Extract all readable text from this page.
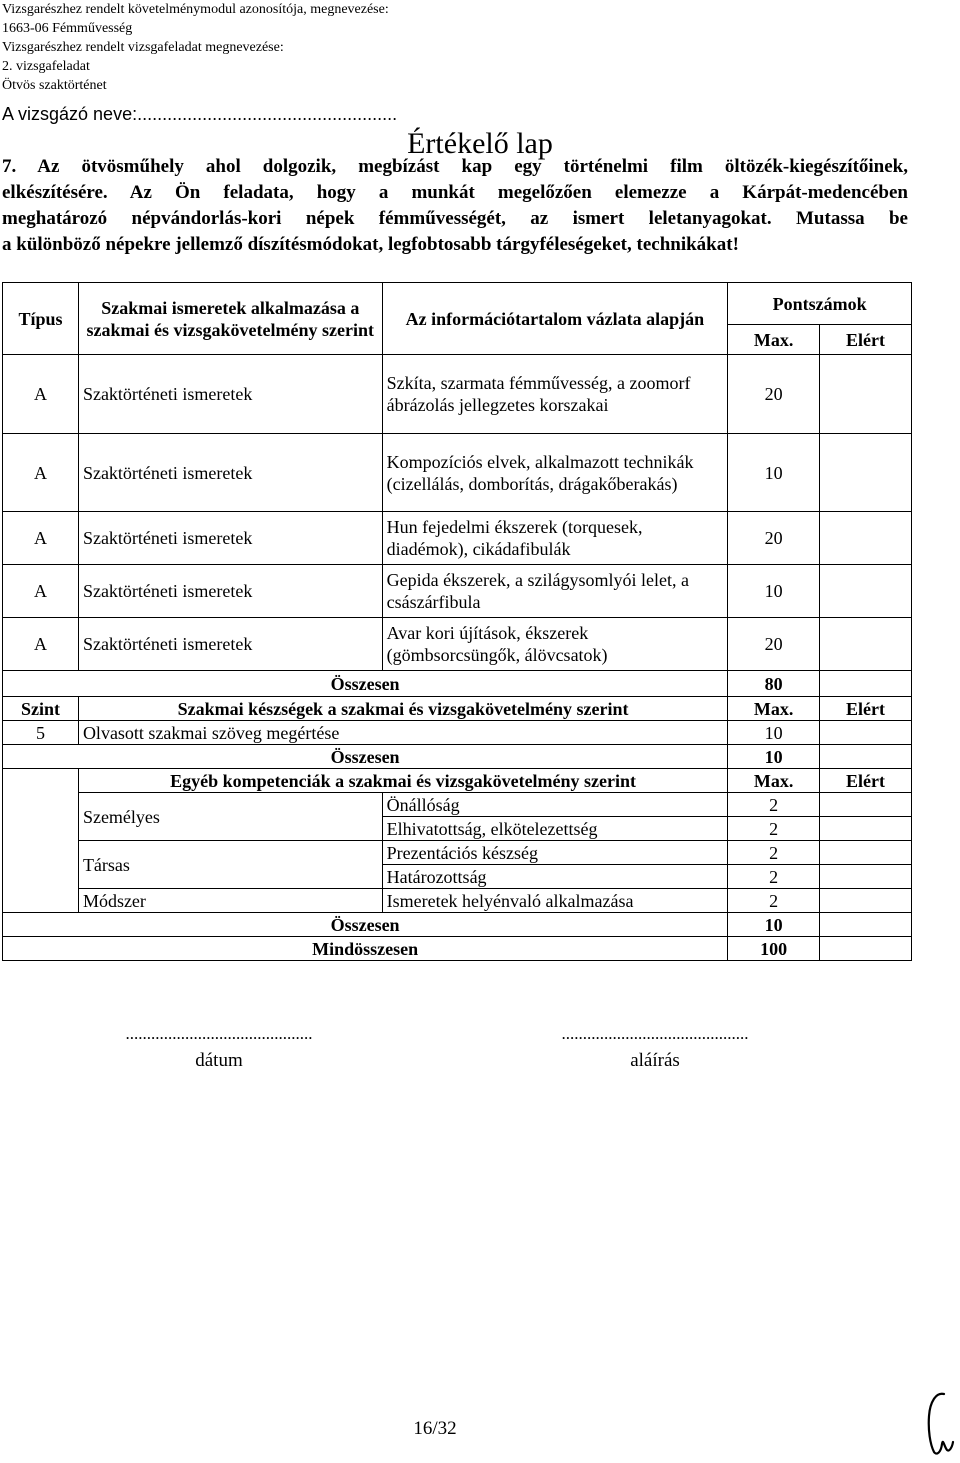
Vizsgarészhez rendelt követelménymodul azonosítója, megnevezése:
1663-06 Fémművesség
Vizsgarészhez rendelt vizsgafeladat megnevezése:
2. vizsgafeladat
Ötvös szaktörténet
A vizsgázó neve:....................................................
Értékelő lap
7. Az ötvösműhely ahol dolgozik, megbízást kap egy történelmi film öltözék-kiegészítőinek,
elkészítésére. Az Ön feladata, hogy a munkát megelőzően elemezze a Kárpát-medencében
meghatározó népvándorlás-kori népek fémművességét, az ismert leletanyagokat. Mutassa be
a különböző népekre jellemző díszítésmódokat, legfobtosabb tárgyféleségeket, technikákat!
Típus	Szakmai ismeretek alkalmazása a szakmai és vizsgakövetelmény szerint	Az információtartalom vázlata alapján	Pontszámok	
			Max.	Elért
A	Szaktörténeti ismeretek	Szkíta, szarmata fémművesség, a zoomorf ábrázolás jellegzetes korszakai	20	
A	Szaktörténeti ismeretek	Kompozíciós elvek, alkalmazott technikák (cizellálás, domborítás, drágakőberakás)	10	
A	Szaktörténeti ismeretek	Hun fejedelmi ékszerek (torquesek, diadémok), cikádafibulák	20	
A	Szaktörténeti ismeretek	Gepida ékszerek, a szilágysomlyói lelet, a császárfibula	10	
A	Szaktörténeti ismeretek	Avar kori újítások, ékszerek (gömbsorcsüngők, álövcsatok)	20	
Összesen			80	
Szint	Szakmai készségek a szakmai és vizsgakövetelmény szerint		Max.	Elért
5	Olvasott szakmai szöveg megértése		10	
Összesen			10	
	Egyéb kompetenciák a szakmai és vizsgakövetelmény szerint		Max.	Elért
	Személyes	Önállóság	2	
		Elhivatottság, elkötelezettség	2	
	Társas	Prezentációs készség	2	
		Határozottság	2	
	Módszer	Ismeretek helyénvaló alkalmazása	2	
Összesen			10	
Mindösszesen			100	
............................................
dátum
............................................
aláírás
16/32
